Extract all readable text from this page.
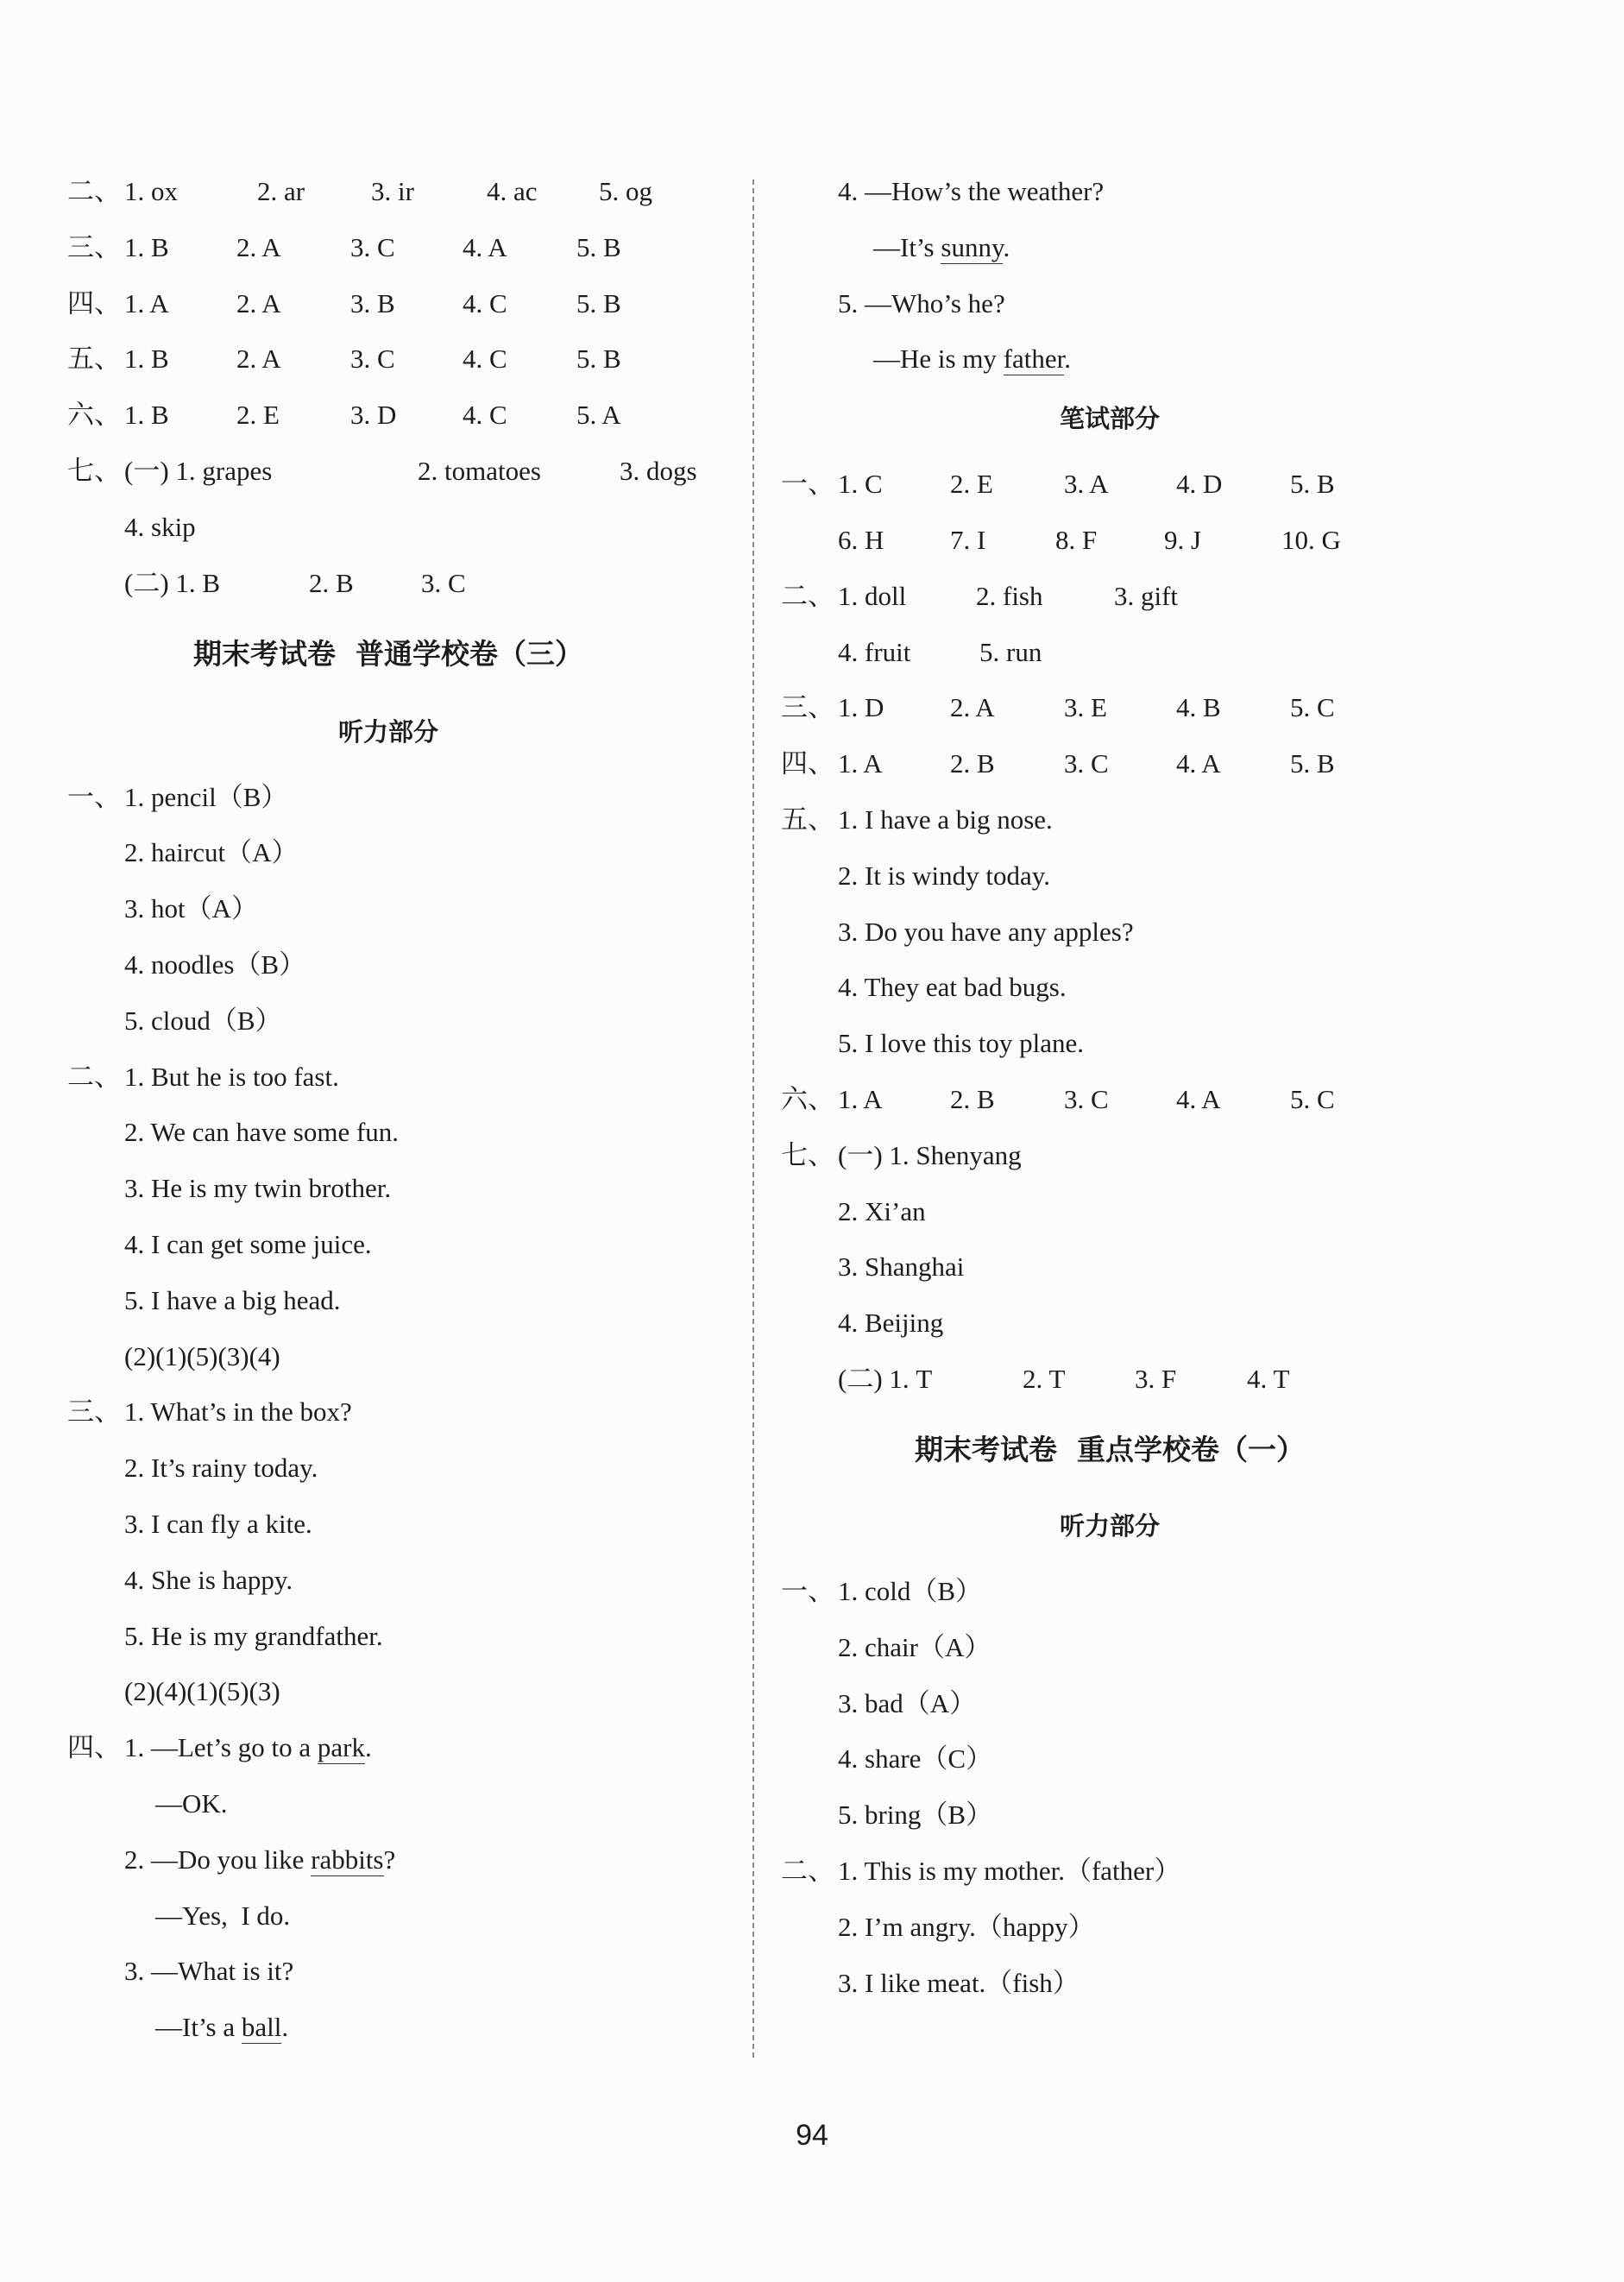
二、 1. ox	2. ar 3. ir	4. ac 5. og
三、 1. B	2. A	3. C	4. A	5. B
四、 1. A	2. A	3. B	4. C	5. B
五、 1. B	2. A	3. C	4. C	5. B
六、 1. B	2. E	3. D 4. C	5. A
七、 (一) 1. grapes	2. tomatoes	3. dogs
4. skip
(二) 1. B	2. B	3. C
期末考试卷  普通学校卷（三）
听力部分
一、 1. pencil（B）
2. haircut（A）
3. hot（A）
4. noodles（B）
5. cloud（B）
二、 1. But he is too fast.
2. We can have some fun.
3. He is my twin brother.
4. I can get some juice.
5. I have a big head.
(2)(1)(5)(3)(4)
三、 1. What’s in the box?
2. It’s rainy today.
3. I can fly a kite.
4. She is happy.
5. He is my grandfather.
(2)(4)(1)(5)(3)
四、 1. —Let’s go to a park.
—OK.
2. —Do you like rabbits?
—Yes,  I do.
3. —What is it?
—It’s a ball.
4. —How’s the weather?
—It’s sunny.
5. —Who’s he?
—He is my father.
笔试部分
一、 1. C	2. E	3. A	4. D	5. B
6. H 7. I	8. F	9. J	10. G
二、 1. doll	2. fish	3. gift
4. fruit	5. run
三、 1. D 2. A	3. E	4. B	5. C
四、 1. A	2. B	3. C	4. A	5. B
五、 1. I have a big nose.
2. It is windy today.
3. Do you have any apples?
4. They eat bad bugs.
5. I love this toy plane.
六、 1. A	2. B	3. C	4. A	5. C
七、 (一) 1. Shenyang
2. Xi’an
3. Shanghai
4. Beijing
(二) 1. T	2. T	3. F	4. T
期末考试卷  重点学校卷（一）
听力部分
一、 1. cold（B）
2. chair（A）
3. bad（A）
4. share（C）
5. bring（B）
二、 1. This is my mother.（father）
2. I’m angry.（happy）
3. I like meat.（fish）
94
